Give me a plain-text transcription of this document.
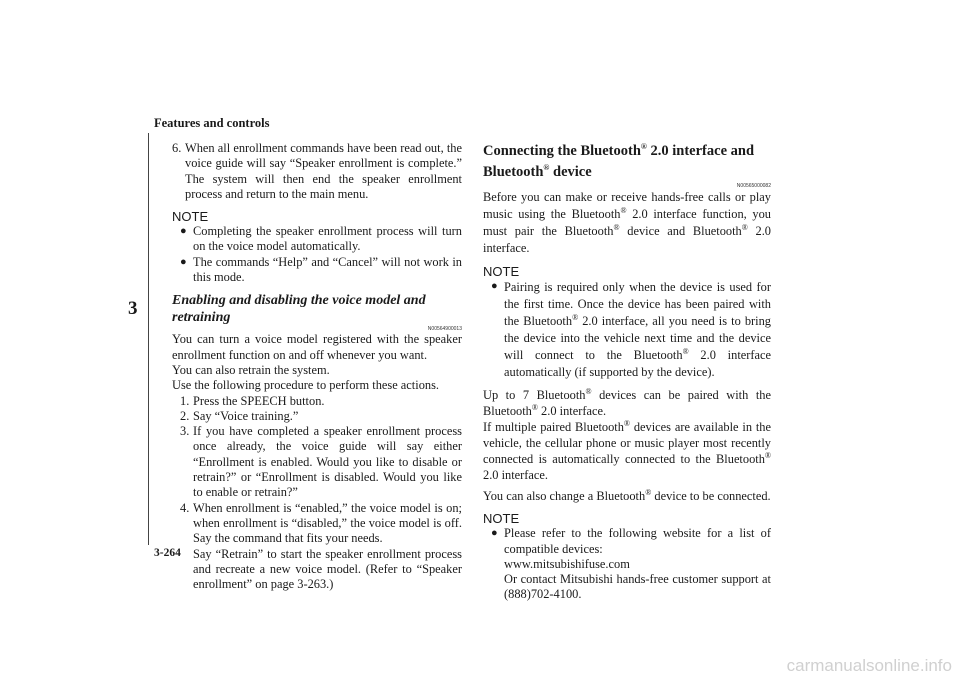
Features and controls
3
3-264
6. When all enrollment commands have been read out, the voice guide will say “Speaker enrollment is complete.” The system will then end the speaker enrollment process and return to the main menu.
NOTE
● Completing the speaker enrollment process will turn on the voice model automatically.
● The commands “Help” and “Cancel” will not work in this mode.
Enabling and disabling the voice model and retraining
N00564900013

You can turn a voice model registered with the speaker enrollment function on and off whenever you want.

You can also retrain the system.

Use the following procedure to perform these actions.

1. Press the SPEECH button.
2. Say “Voice training.”
3. If you have completed a speaker enrollment process once already, the voice guide will say either “Enrollment is enabled. Would you like to disable or retrain?” or “Enrollment is disabled. Would you like to enable or retrain?”
4. When enrollment is “enabled,” the voice model is on; when enrollment is “disabled,” the voice model is off. Say the command that fits your needs.
Say “Retrain” to start the speaker enrollment process and recreate a new voice model. (Refer to “Speaker enrollment” on page 3-263.)
Connecting the Bluetooth® 2.0 interface and
Bluetooth® device
N00565000082

Before you can make or receive hands-free calls or play music using the Bluetooth® 2.0 interface function, you must pair the Bluetooth® device and Bluetooth® 2.0 interface.

NOTE
● Pairing is required only when the device is used for the first time. Once the device has been paired with the Bluetooth® 2.0 interface, all you need is to bring the device into the vehicle next time and the device will connect to the Bluetooth® 2.0 interface automatically (if supported by the device).

Up to 7 Bluetooth® devices can be paired with the Bluetooth® 2.0 interface.

If multiple paired Bluetooth® devices are available in the vehicle, the cellular phone or music player most recently connected is automatically connected to the Bluetooth® 2.0 interface.

You can also change a Bluetooth® device to be connected.

NOTE
● Please refer to the following website for a list of compatible devices:
www.mitsubishifuse.com
Or contact Mitsubishi hands-free customer support at (888)702-4100.
carmanualsonline.info
